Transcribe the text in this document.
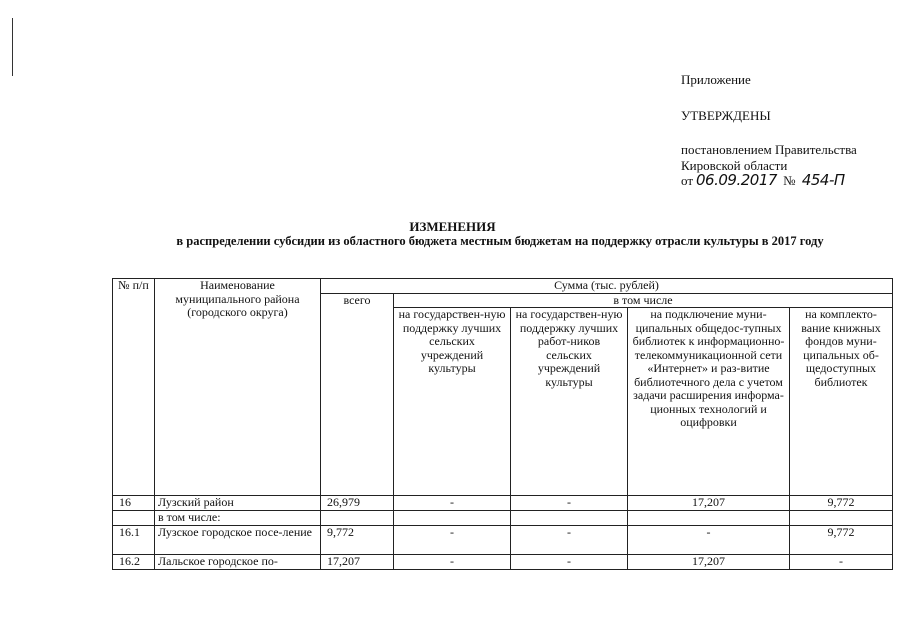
Приложение
УТВЕРЖДЕНЫ
постановлением Правительства
Кировской области
от 06.09.2017 № 454-П
ИЗМЕНЕНИЯ
в распределении субсидии из областного бюджета местным бюджетам на поддержку отрасли культуры в 2017 году
№ п/п	Наименование муниципального района (городского округа)	Сумма (тыс. рублей)				
		всего	в том числе			
			на государствен-ную поддержку лучших сельских учреждений культуры	на государствен-ную поддержку лучших работ-ников сельских учреждений культуры	на подключение муни-ципальных общедос-тупных библиотек к информационно-телекоммуникационной сети «Интернет» и раз-витие библиотечного дела с учетом задачи расширения информа-ционных технологий и оцифровки	на комплекто-вание книжных фондов муни-ципальных об-щедоступных библиотек
16	Лузский район	26,979	-	-	17,207	9,772
	в том числе:					
16.1	Лузское городское посе-ление	9,772	-	-	-	9,772
16.2	Лальское городское по-	17,207	-	-	17,207	-
